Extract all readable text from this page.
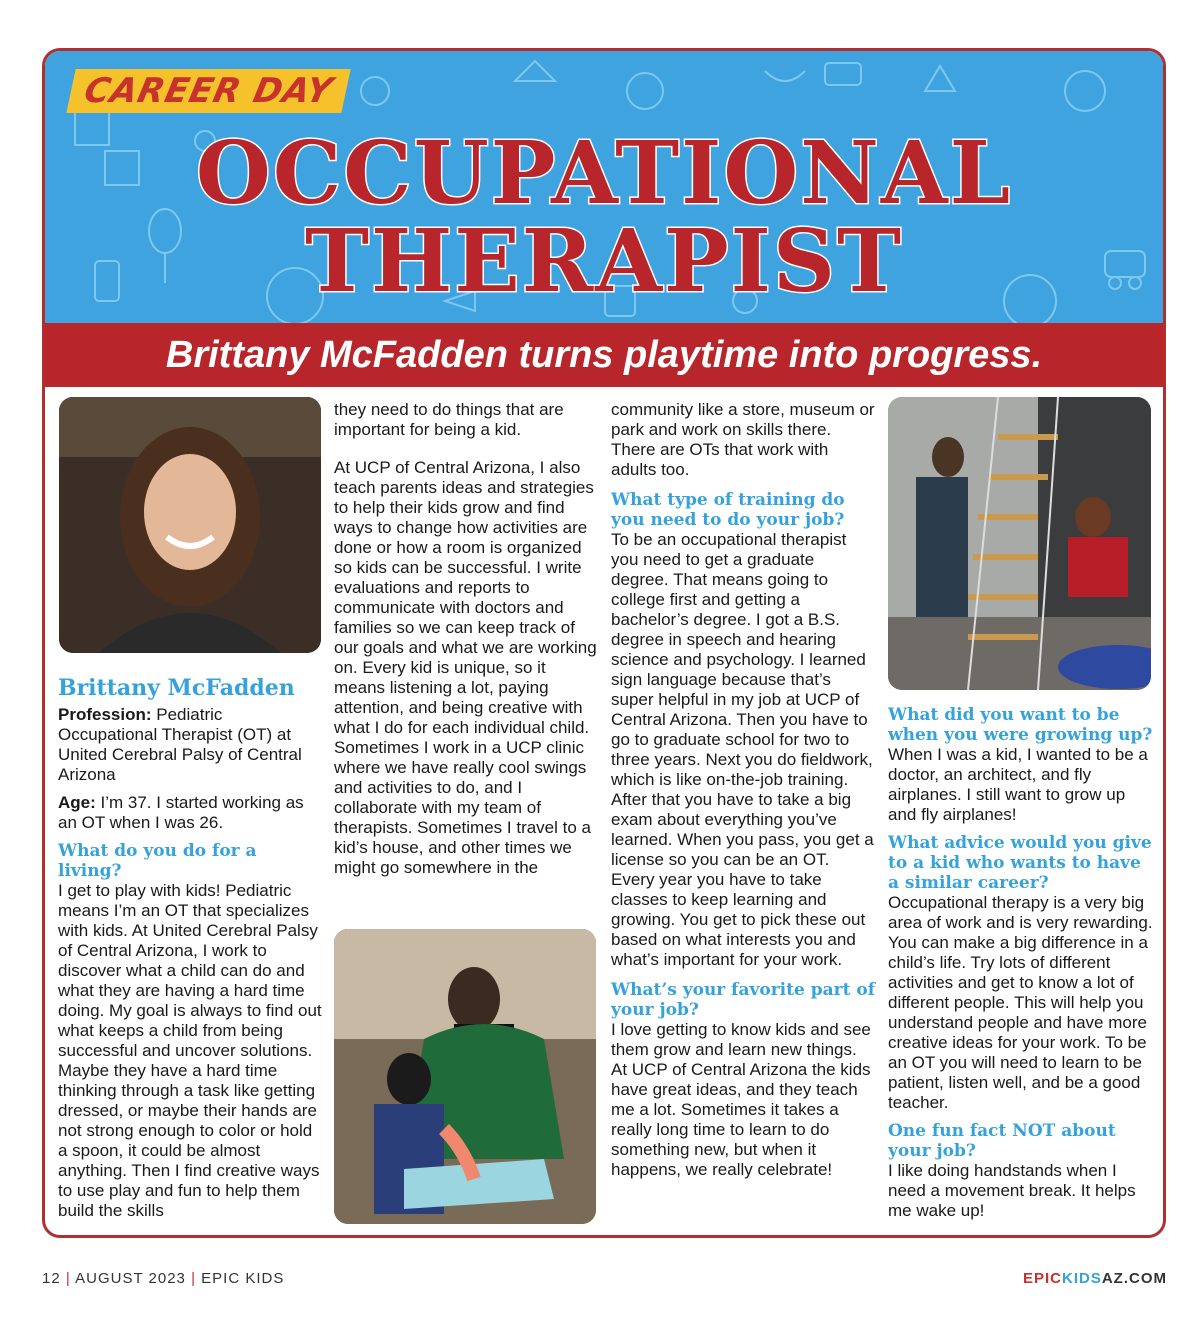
CAREER DAY
OCCUPATIONAL
THERAPIST
Brittany McFadden turns playtime into progress.
Brittany McFadden
Profession: Pediatric Occupational Therapist (OT) at United Cerebral Palsy of Central Arizona
Age: I’m 37. I started working as an OT when I was 26.
What do you do for a living?
I get to play with kids! Pediatric means I’m an OT that specializes with kids. At United Cerebral Palsy of Central Arizona, I work to discover what a child can do and what they are having a hard time doing. My goal is always to find out what keeps a child from being successful and uncover solutions. Maybe they have a hard time thinking through a task like getting dressed, or maybe their hands are not strong enough to color or hold a spoon, it could be almost anything. Then I find creative ways to use play and fun to help them build the skills

they need to do things that are important for being a kid.

At UCP of Central Arizona, I also teach parents ideas and strategies to help their kids grow and find ways to change how activities are done or how a room is organized so kids can be successful. I write evaluations and reports to communicate with doctors and families so we can keep track of our goals and what we are working on. Every kid is unique, so it means listening a lot, paying attention, and being creative with what I do for each individual child. Sometimes I work in a UCP clinic where we have really cool swings and activities to do, and I collaborate with my team of therapists. Sometimes I travel to a kid’s house, and other times we might go somewhere in the

community like a store, museum or park and work on skills there. There are OTs that work with adults too.

What type of training do you need to do your job?

To be an occupational therapist you need to get a graduate degree. That means going to college first and getting a bachelor’s degree. I got a B.S. degree in speech and hearing science and psychology. I learned sign language because that’s super helpful in my job at UCP of Central Arizona. Then you have to go to graduate school for two to three years. Next you do fieldwork, which is like on-the-job training. After that you have to take a big exam about everything you’ve learned. When you pass, you get a license so you can be an OT. Every year you have to take classes to keep learning and growing. You get to pick these out based on what interests you and what’s important for your work.

What’s your favorite part of your job?
I love getting to know kids and see them grow and learn new things. At UCP of Central Arizona the kids have great ideas, and they teach me a lot. Sometimes it takes a really long time to learn to do something new, but when it happens, we really celebrate!
What did you want to be when you were growing up?

When I was a kid, I wanted to be a doctor, an architect, and fly airplanes. I still want to grow up and fly airplanes!

What advice would you give to a kid who wants to have a similar career?

Occupational therapy is a very big area of work and is very rewarding. You can make a big difference in a child’s life. Try lots of different activities and get to know a lot of different people. This will help you understand people and have more creative ideas for your work. To be an OT you will need to learn to be patient, listen well, and be a good teacher.

One fun fact NOT about your job?
I like doing handstands when I need a movement break. It helps me wake up!
12 | AUGUST 2023 | EPIC KIDS	EPICKIDSAZ.COM
